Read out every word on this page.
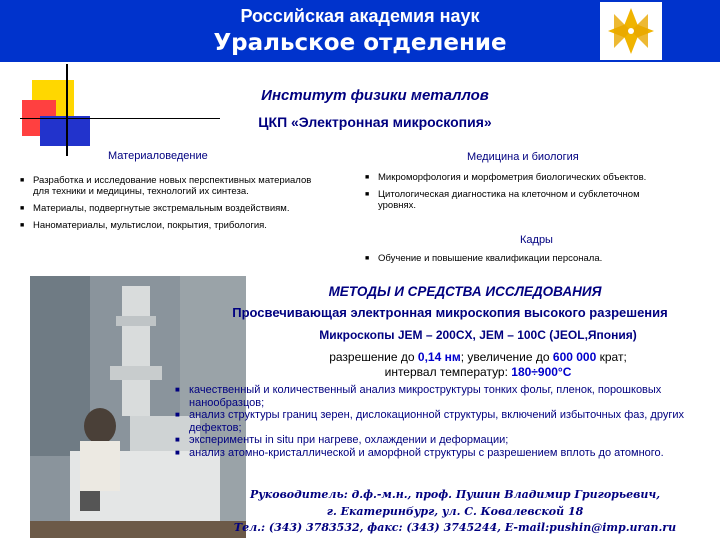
Российская академия наук
Уральское отделение
Институт физики металлов
ЦКП «Электронная микроскопия»
Материаловедение
■ Разработка и исследование новых перспективных материалов для техники и медицины, технологий их синтеза.
■ Материалы, подвергнутые экстремальным воздействиям.
■ Наноматериалы, мультислои, покрытия, трибология.
Медицина и биология
■ Микроморфология и морфометрия биологических объектов.
■ Цитологическая диагностика на клеточном и субклеточном уровнях.
Кадры
■ Обучение и повышение квалификации персонала.
МЕТОДЫ И СРЕДСТВА ИССЛЕДОВАНИЯ
Просвечивающая электронная микроскопия высокого разрешения
Микроскопы JEM – 200CX, JEM – 100C (JEOL,Япония)
разрешение до 0,14 нм; увеличение до 600 000 крат;
интервал температур: 180÷900°С
■ качественный и количественный анализ микроструктуры тонких фольг, пленок, порошковых нанообразцов;
■ анализ структуры границ зерен, дислокационной структуры, включений избыточных фаз, других дефектов;
■ эксперименты in situ при нагреве, охлаждении и деформации;
■ анализ атомно-кристаллической и аморфной структуры с разрешением вплоть до атомного.
Руководитель: д.ф.-м.н., проф. Пушин Владимир Григорьевич,
г. Екатеринбург, ул. С. Ковалевской 18
Тел.: (343) 3783532, факс: (343) 3745244, E-mail:pushin@imp.uran.ru
